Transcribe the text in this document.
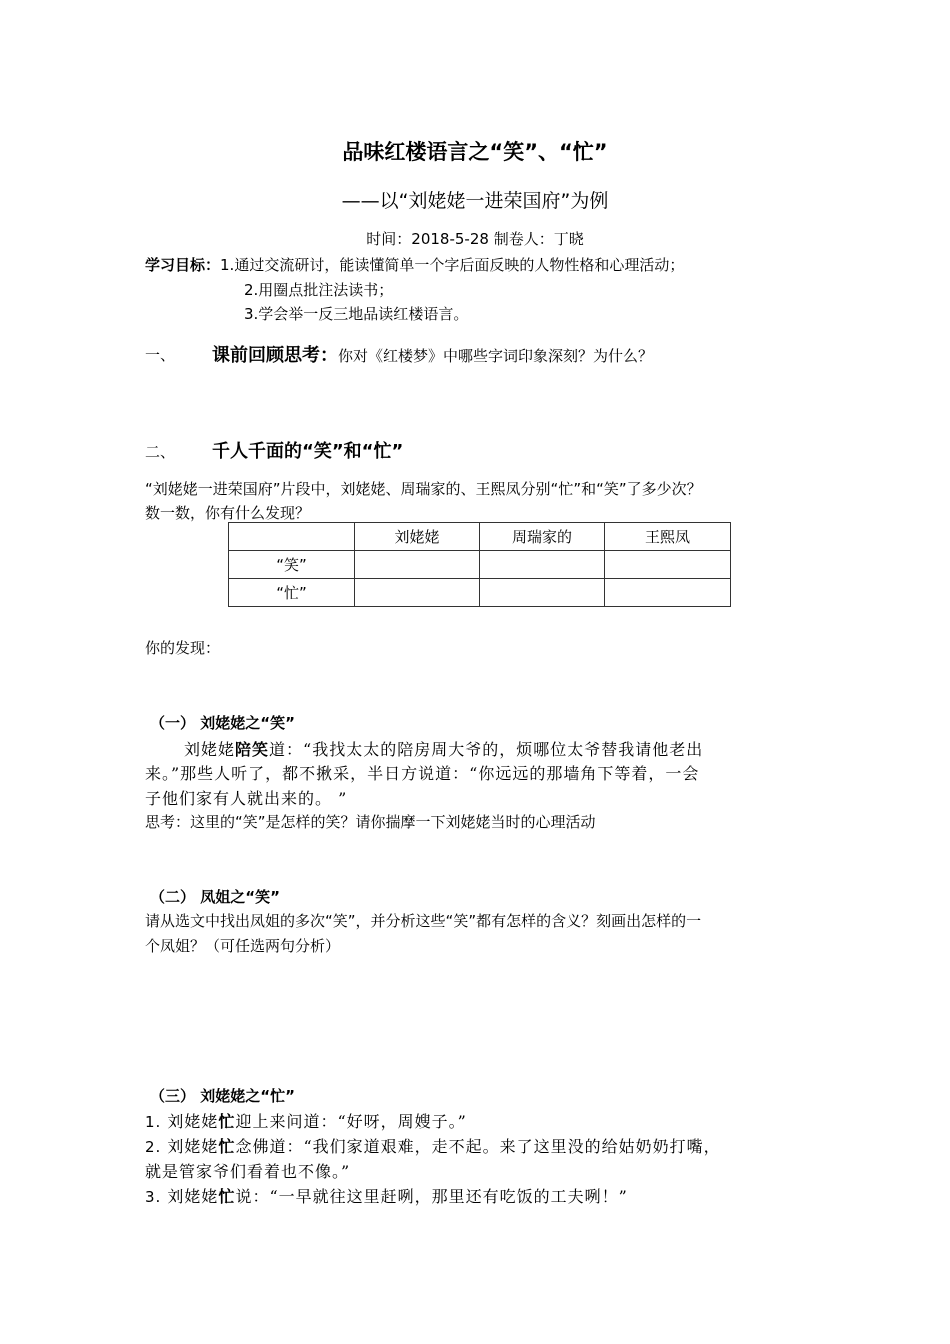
品味红楼语言之“笑”、“忙”
——以“刘姥姥一进荣国府”为例
时间：2018-5-28 制卷人：丁晓
学习目标：1.通过交流研讨，能读懂简单一个字后面反映的人物性格和心理活动；
2.用圈点批注法读书；
3.学会举一反三地品读红楼语言。
一、 课前回顾思考：你对《红楼梦》中哪些字词印象深刻？为什么？
二、 千人千面的“笑”和“忙”
“刘姥姥一进荣国府”片段中，刘姥姥、周瑞家的、王熙凤分别“忙”和“笑”了多少次？
数一数，你有什么发现？
	刘姥姥	周瑞家的	王熙凤
“笑”			
“忙”			
你的发现：
（一） 刘姥姥之“笑”
刘姥姥陪笑道：“我找太太的陪房周大爷的，烦哪位太爷替我请他老出
来。”那些人听了，都不揪采，半日方说道：“你远远的那墙角下等着，一会
子他们家有人就出来的。 ”
思考：这里的“笑”是怎样的笑？请你揣摩一下刘姥姥当时的心理活动
（二） 凤姐之“笑”
请从选文中找出凤姐的多次“笑”，并分析这些“笑”都有怎样的含义？刻画出怎样的一
个凤姐？（可任选两句分析）
（三） 刘姥姥之“忙”
1. 刘姥姥忙迎上来问道：“好呀，周嫂子。”
2. 刘姥姥忙念佛道：“我们家道艰难，走不起。来了这里没的给姑奶奶打嘴，
就是管家爷们看着也不像。”
3. 刘姥姥忙说：“一早就往这里赶咧，那里还有吃饭的工夫咧！”
